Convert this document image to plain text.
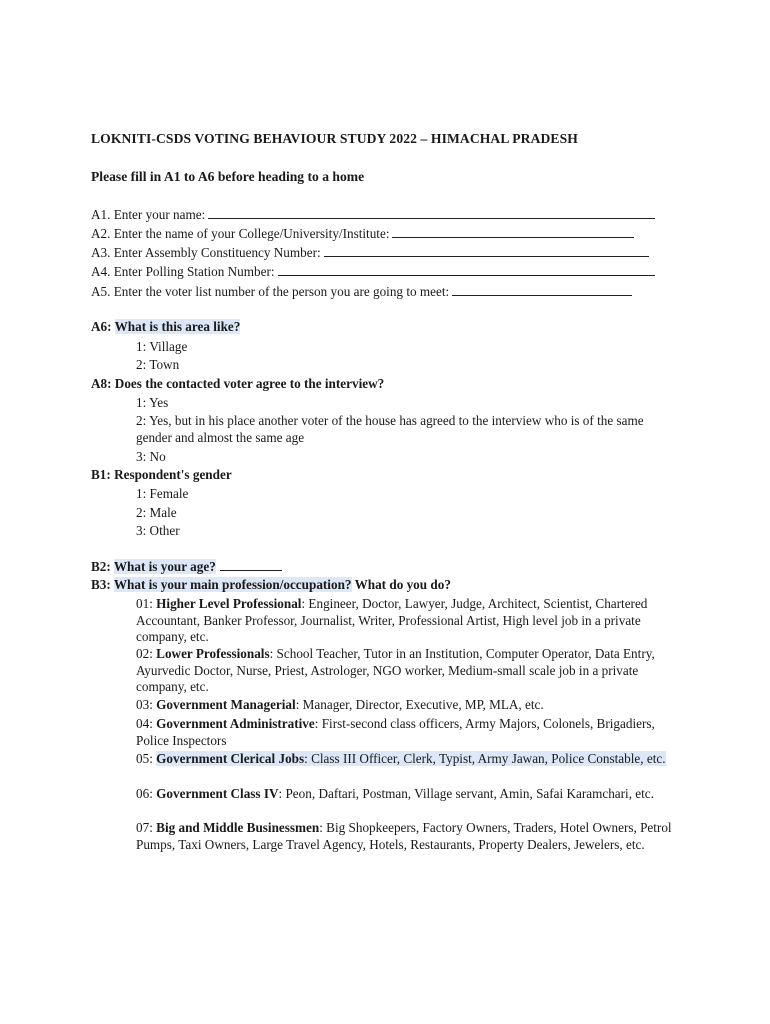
LOKNITI-CSDS VOTING BEHAVIOUR STUDY 2022 – HIMACHAL PRADESH
Please fill in A1 to A6 before heading to a home
A1. Enter your name:
A2. Enter the name of your College/University/Institute:
A3. Enter Assembly Constituency Number:
A4. Enter Polling Station Number:
A5. Enter the voter list number of the person you are going to meet:
A6: What is this area like?
1: Village
2: Town
A8: Does the contacted voter agree to the interview?
1: Yes
2: Yes, but in his place another voter of the house has agreed to the interview who is of the same gender and almost the same age
3: No
B1: Respondent's gender
1: Female
2: Male
3: Other
B2: What is your age?
B3: What is your main profession/occupation? What do you do?
01: Higher Level Professional: Engineer, Doctor, Lawyer, Judge, Architect, Scientist, Chartered Accountant, Banker Professor, Journalist, Writer, Professional Artist, High level job in a private company, etc.
02: Lower Professionals: School Teacher, Tutor in an Institution, Computer Operator, Data Entry, Ayurvedic Doctor, Nurse, Priest, Astrologer, NGO worker, Medium-small scale job in a private company, etc.
03: Government Managerial: Manager, Director, Executive, MP, MLA, etc.
04: Government Administrative: First-second class officers, Army Majors, Colonels, Brigadiers, Police Inspectors
05: Government Clerical Jobs: Class III Officer, Clerk, Typist, Army Jawan, Police Constable, etc.
06: Government Class IV: Peon, Daftari, Postman, Village servant, Amin, Safai Karamchari, etc.
07: Big and Middle Businessmen: Big Shopkeepers, Factory Owners, Traders, Hotel Owners, Petrol Pumps, Taxi Owners, Large Travel Agency, Hotels, Restaurants, Property Dealers, Jewelers, etc.
